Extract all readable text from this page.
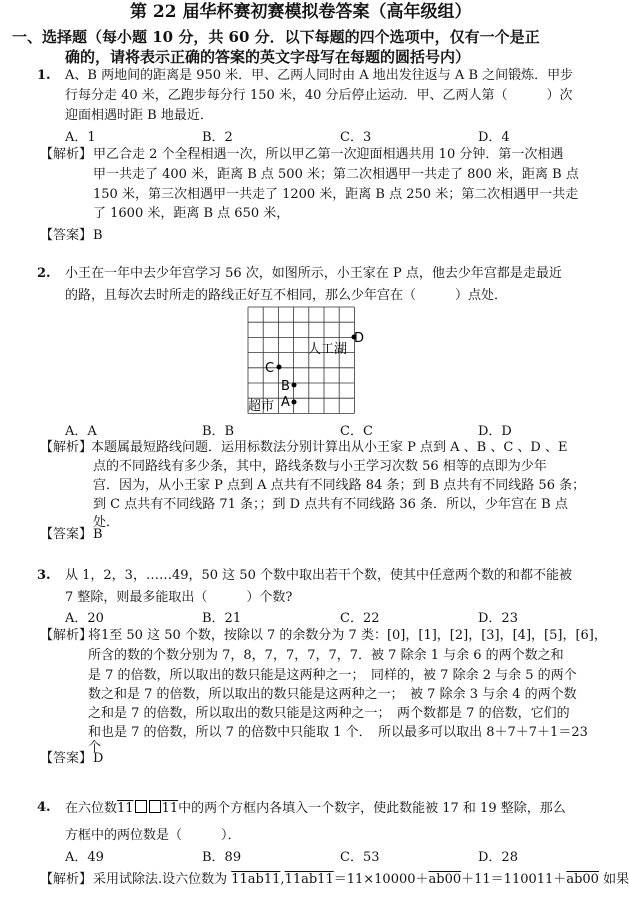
第 22 届华杯赛初赛模拟卷答案（高年级组）
一、选择题（每小题 10 分，共 60 分．以下每题的四个选项中，仅有一个是正
确的，请将表示正确的答案的英文字母写在每题的圆括号内）
1. A、B 两地间的距离是 950 米．甲、乙两人同时由 A 地出发往返与 A B 之间锻炼．甲步
行每分走 40 米，乙跑步每分行 150 米，40 分后停止运动．甲、乙两人第（　　　）次
迎面相遇时距 B 地最近．
A．1	B．2	C．3	D．4
【解析】 甲乙合走 2 个全程相遇一次，所以甲乙第一次迎面相遇共用 10 分钟．第一次相遇
甲一共走了 400 米，距离 B 点 500 米；第二次相遇甲一共走了 800 米，距离 B 点
150 米，第三次相遇甲一共走了 1200 米，距离 B 点 250 米；第二次相遇甲一共走
了 1600 米，距离 B 点 650 米，
【答案】 B
2. 小王在一年中去少年宫学习 56 次，如图所示，小王家在 P 点，他去少年宫都是走最近
的路，且每次去时所走的路线正好互不相同，那么少年宫在（　　　）点处．
D
人工湖
C
B
A
超市
A．A	B．B	C．C	D．D
【解析】
本题属最短路线问题．运用标数法分别计算出从小王家 P 点到 A 、B 、C 、D 、E
点的不同路线有多少条，其中，路线条数与小王学习次数 56 相等的点即为少年
宫．因为，从小王家 P 点到 A 点共有不同线路 84 条；到 B 点共有不同线路 56 条；
到 C 点共有不同线路 71 条；；到 D 点共有不同线路 36 条．所以，少年宫在 B 点
处．
【答案】 B
3. 从 1，2，3，……49，50 这 50 个数中取出若干个数，使其中任意两个数的和都不能被
7 整除，则最多能取出（　　　）个数?
A．20	B．21	C．22	D．23
【解析】
将1至 50 这 50 个数，按除以 7 的余数分为 7 类：[0]，[1]，[2]，[3]，[4]，[5]，[6]，
所含的数的个数分别为 7，8，7，7，7，7，7．被 7 除余 1 与余 6 的两个数之和
是 7 的倍数，所以取出的数只能是这两种之一；　同样的，被 7 除余 2 与余 5 的两个
数之和是 7 的倍数，所以取出的数只能是这两种之一；　被 7 除余 3 与余 4 的两个数
之和是 7 的倍数，所以取出的数只能是这两种之一；　两个数都是 7 的倍数，它们的
和也是 7 的倍数，所以 7 的倍数中只能取 1 个．　所以最多可以取出 8＋7＋7＋1＝23
个
【答案】 D
4. 在六位数11 11中的两个方框内各填入一个数字，使此数能被 17 和 19 整除，那么
方框中的两位数是（　　　）．
A．49	B．89	C．53	D．28
【解析】 采用试除法.设六位数为 11ab11,11ab11＝11×10000＋ab00＋11＝110011＋ab00 如果
